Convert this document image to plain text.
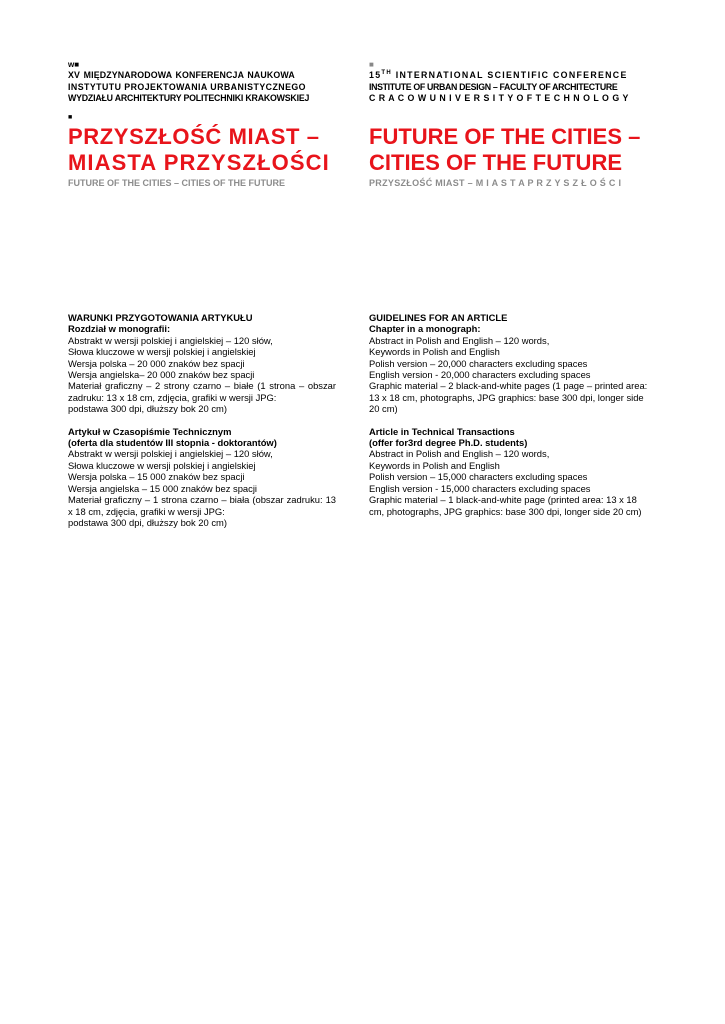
w■
XV MIĘDZYNARODOWA KONFERENCJA NAUKOWA
INSTYTUTU PROJEKTOWANIA URBANISTYCZNEGO
WYDZIAŁU ARCHITEKTURY POLITECHNIKI KRAKOWSKIEJ
■
PRZYSZŁOŚĆ MIAST –
MIASTA PRZYSZŁOŚCI
FUTURE OF THE CITIES – CITIES OF THE FUTURE
WARUNKI PRZYGOTOWANIA ARTYKUŁU
Rozdział w monografii:
Abstrakt w wersji polskiej i angielskiej – 120 słów,
Słowa kluczowe w wersji polskiej i angielskiej
Wersja polska – 20 000 znaków bez spacji
Wersja angielska– 20 000 znaków bez spacji
Materiał graficzny – 2 strony czarno – białe (1 strona – obszar zadruku: 13 x 18 cm, zdjęcia, grafiki w wersji JPG:
podstawa 300 dpi, dłuższy bok 20 cm)
Artykuł w Czasopiśmie Technicznym
(oferta dla studentów III stopnia - doktorantów)
Abstrakt w wersji polskiej i angielskiej – 120 słów,
Słowa kluczowe w wersji polskiej i angielskiej
Wersja polska – 15 000 znaków bez spacji
Wersja angielska – 15 000 znaków bez spacji
Materiał graficzny – 1 strona czarno – biała (obszar zadruku: 13 x 18 cm, zdjęcia, grafiki w wersji JPG:
podstawa 300 dpi, dłuższy bok 20 cm)
■
15TH INTERNATIONAL SCIENTIFIC CONFERENCE
INSTITUTE OF URBAN DESIGN – FACULTY OF ARCHITECTURE
C R A C O W U N I V E R S I T Y O F T E C H N O L O G Y
FUTURE OF THE CITIES –
CITIES OF THE FUTURE
PRZYSZŁOŚĆ MIAST – M I A S T A P R Z Y S Z Ł O Ś C I
GUIDELINES FOR AN ARTICLE
Chapter in a monograph:
Abstract in Polish and English – 120 words,
Keywords in Polish and English
Polish version – 20,000 characters excluding spaces
English version - 20,000 characters excluding spaces
Graphic material – 2 black-and-white pages (1 page – printed area: 13 x 18 cm, photographs, JPG graphics: base 300 dpi, longer side 20 cm)
Article in Technical Transactions
(offer for3rd degree Ph.D. students)
Abstract in Polish and English – 120 words,
Keywords in Polish and English
Polish version – 15,000 characters excluding spaces
English version - 15,000 characters excluding spaces
Graphic material – 1 black-and-white page (printed area: 13 x 18 cm, photographs, JPG graphics: base 300 dpi, longer side 20 cm)
